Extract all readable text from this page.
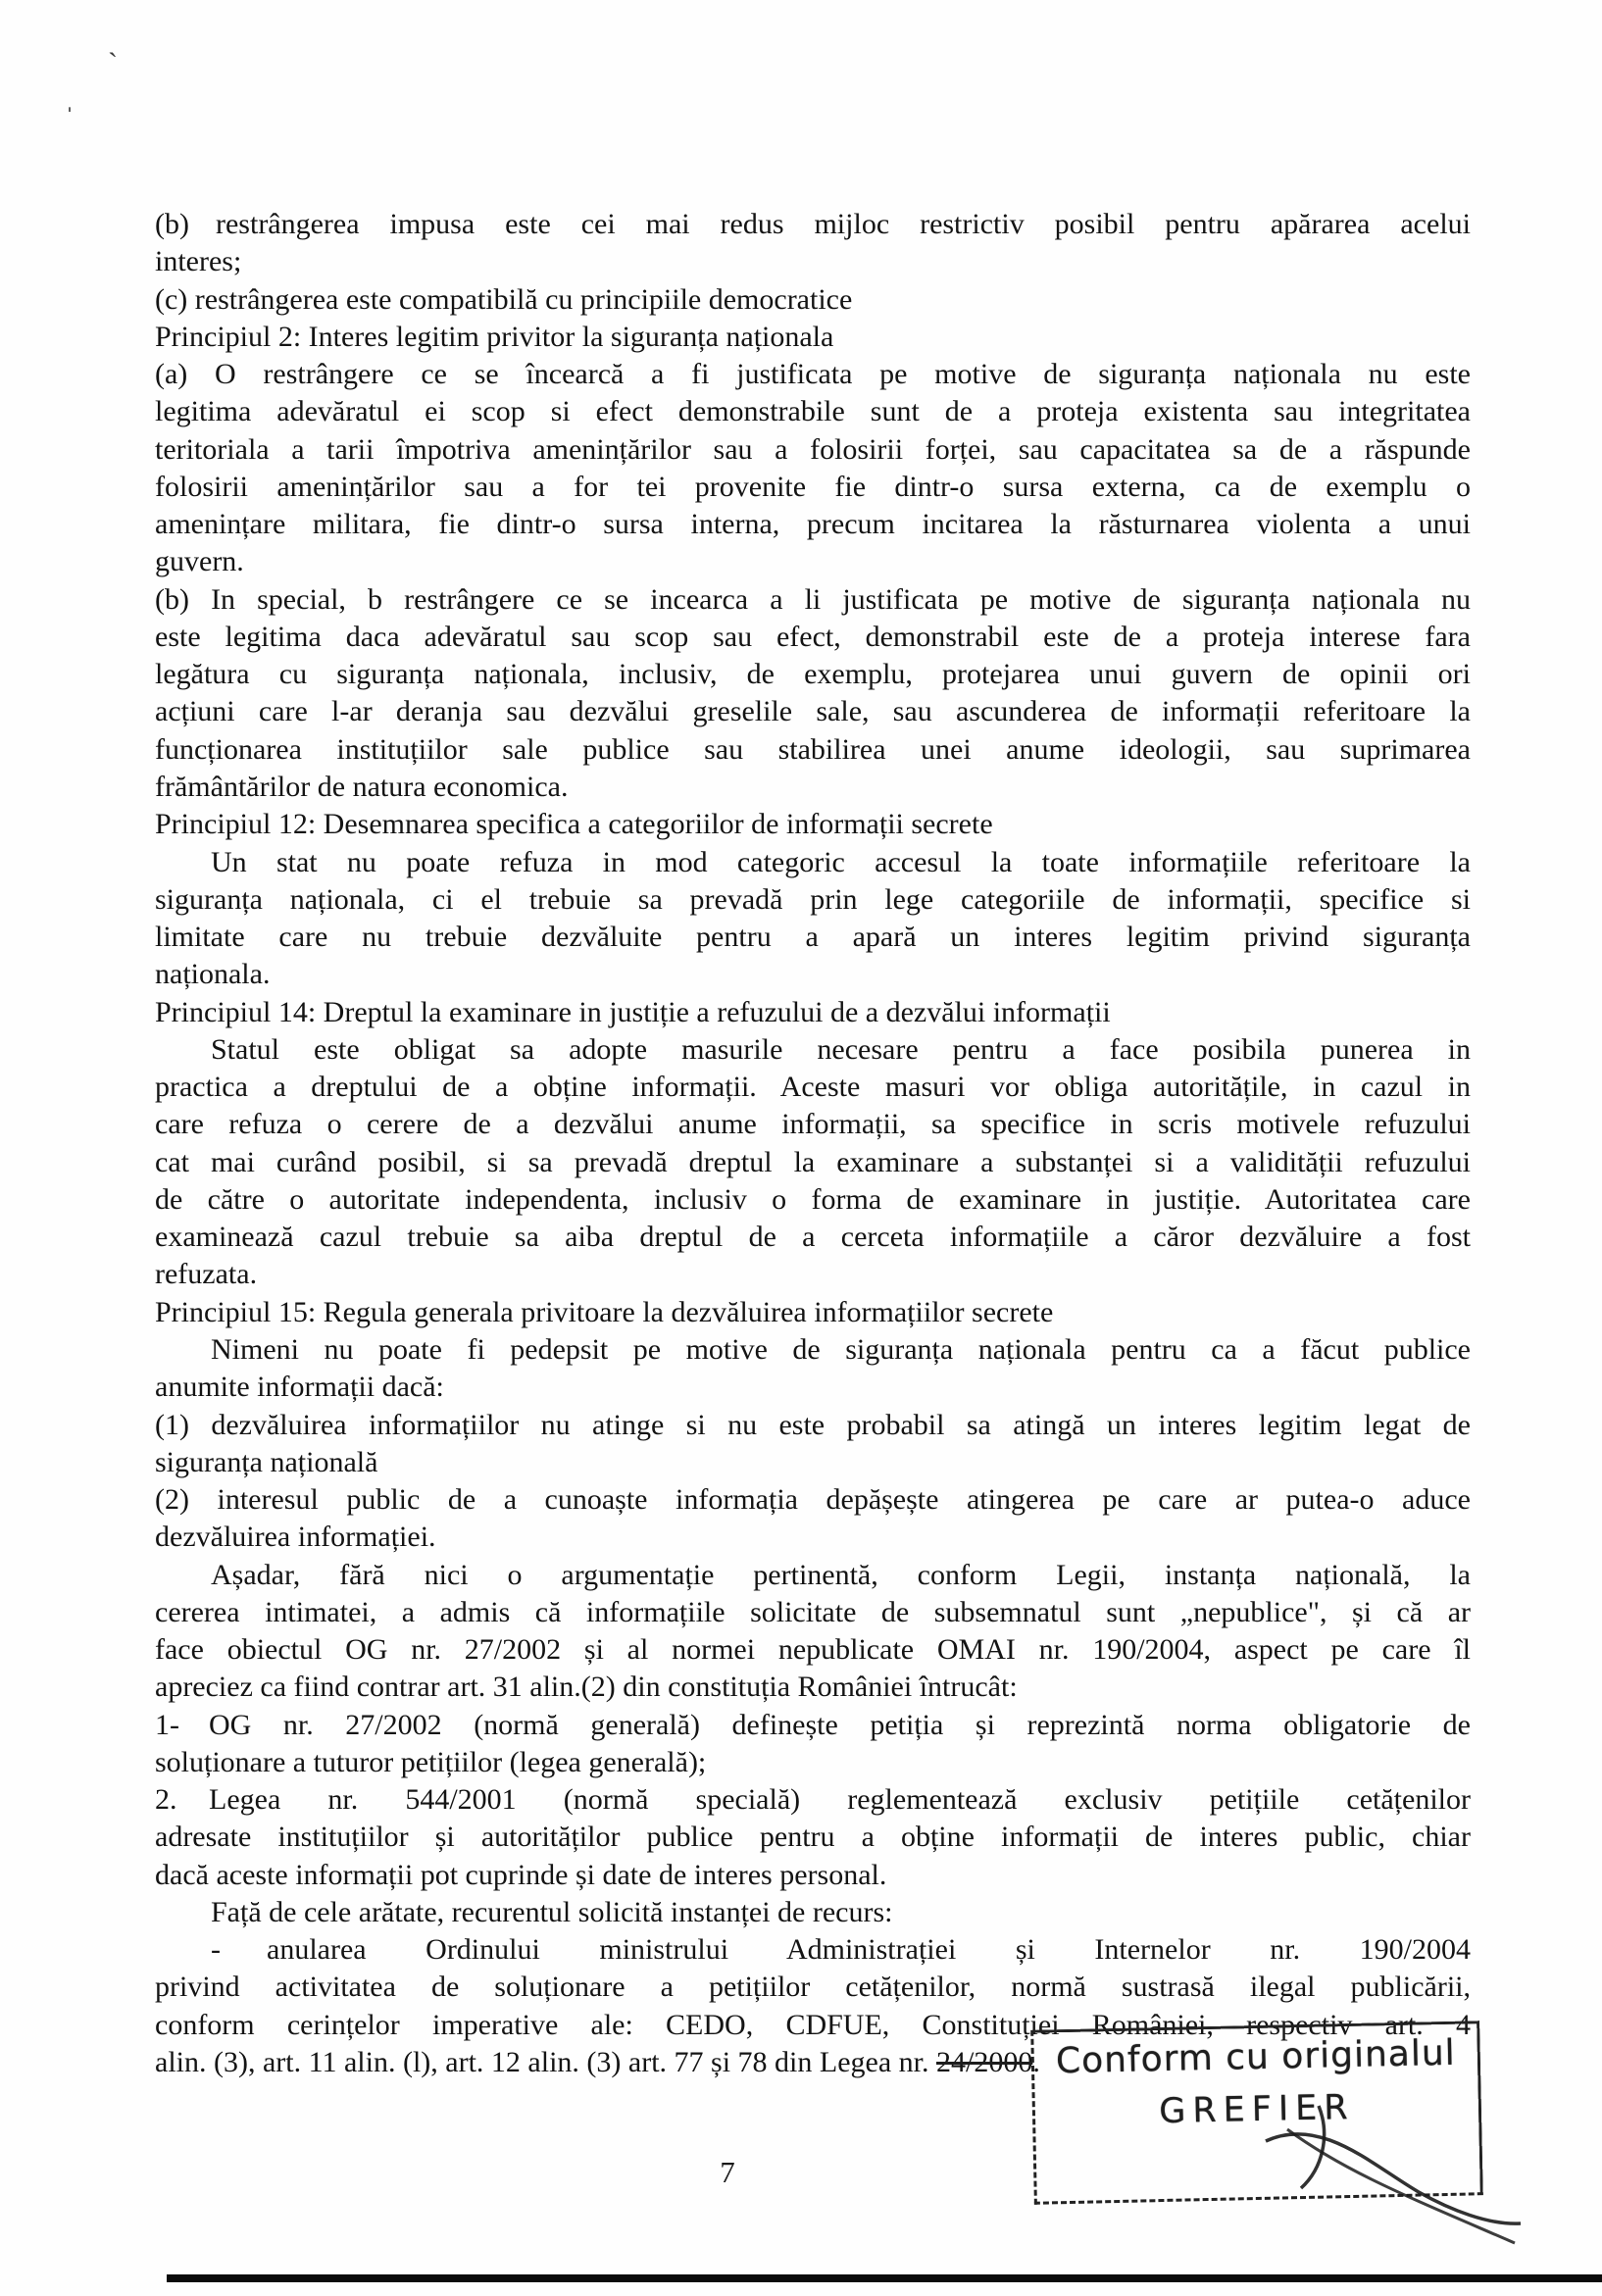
`
ˈ
(b) restrângerea impusa este cei mai redus mijloc restrictiv posibil pentru apărarea acelui
interes;
(c) restrângerea este compatibilă cu principiile democratice
Principiul 2: Interes legitim privitor la siguranța naționala
(a) O restrângere ce se încearcă a fi justificata pe motive de siguranța naționala nu este
legitima adevăratul ei scop si efect demonstrabile sunt de a proteja existenta sau integritatea
teritoriala a tarii împotriva amenințărilor sau a folosirii forței, sau capacitatea sa de a răspunde
folosirii amenințărilor sau a for tei provenite fie dintr-o sursa externa, ca de exemplu o
amenințare militara, fie dintr-o sursa interna, precum incitarea la răsturnarea violenta a unui
guvern.
(b) In special, b restrângere ce se incearca a li justificata pe motive de siguranța naționala nu
este legitima daca adevăratul sau scop sau efect, demonstrabil este de a proteja interese fara
legătura cu siguranța naționala, inclusiv, de exemplu, protejarea unui guvern de opinii ori
acțiuni care l-ar deranja sau dezvălui greselile sale, sau ascunderea de informații referitoare la
funcționarea instituțiilor sale publice sau stabilirea unei anume ideologii, sau suprimarea
frământărilor de natura economica.
Principiul 12: Desemnarea specifica a categoriilor de informații secrete
Un stat nu poate refuza in mod categoric accesul la toate informațiile referitoare la
siguranța naționala, ci el trebuie sa prevadă prin lege categoriile de informații, specifice si
limitate care nu trebuie dezvăluite pentru a apară un interes legitim privind siguranța
naționala.
Principiul 14: Dreptul la examinare in justiție a refuzului de a dezvălui informații
Statul este obligat sa adopte masurile necesare pentru a face posibila punerea in
practica a dreptului de a obține informații. Aceste masuri vor obliga autoritățile, in cazul in
care refuza o cerere de a dezvălui anume informații, sa specifice in scris motivele refuzului
cat mai curând posibil, si sa prevadă dreptul la examinare a substanței si a validității refuzului
de către o autoritate independenta, inclusiv o forma de examinare in justiție. Autoritatea care
examinează cazul trebuie sa aiba dreptul de a cerceta informațiile a căror dezvăluire a fost
refuzata.
Principiul 15: Regula generala privitoare la dezvăluirea informațiilor secrete
Nimeni nu poate fi pedepsit pe motive de siguranța naționala pentru ca a făcut publice
anumite informații dacă:
(1) dezvăluirea informațiilor nu atinge si nu este probabil sa atingă un interes legitim legat de
siguranța națională
(2) interesul public de a cunoaște informația depășește atingerea pe care ar putea-o aduce
dezvăluirea informației.
Așadar, fără nici o argumentație pertinentă, conform Legii, instanța națională, la
cererea intimatei, a admis că informațiile solicitate de subsemnatul sunt „nepublice", și că ar
face obiectul OG nr. 27/2002 și al normei nepublicate OMAI nr. 190/2004, aspect pe care îl
apreciez ca fiind contrar art. 31 alin.(2) din constituția României întrucât:
1- OG nr. 27/2002 (normă generală) definește petiția și reprezintă norma obligatorie de
soluționare a tuturor petițiilor (legea generală);
2. Legea nr. 544/2001 (normă specială) reglementează exclusiv petițiile cetățenilor
adresate instituțiilor și autorităților publice pentru a obține informații de interes public, chiar
dacă aceste informații pot cuprinde și date de interes personal.
Față de cele arătate, recurentul solicită instanței de recurs:
- anularea Ordinului ministrului Administrației și Internelor nr. 190/2004
privind activitatea de soluționare a petițiilor cetățenilor, normă sustrasă ilegal publicării,
conform cerințelor imperative ale: CEDO, CDFUE, Constituției României, respectiv art. 4
alin. (3), art. 11 alin. (l), art. 12 alin. (3) art. 77 și 78 din Legea nr. 24/2000.
7
Conform cu originalul
GREFIER
